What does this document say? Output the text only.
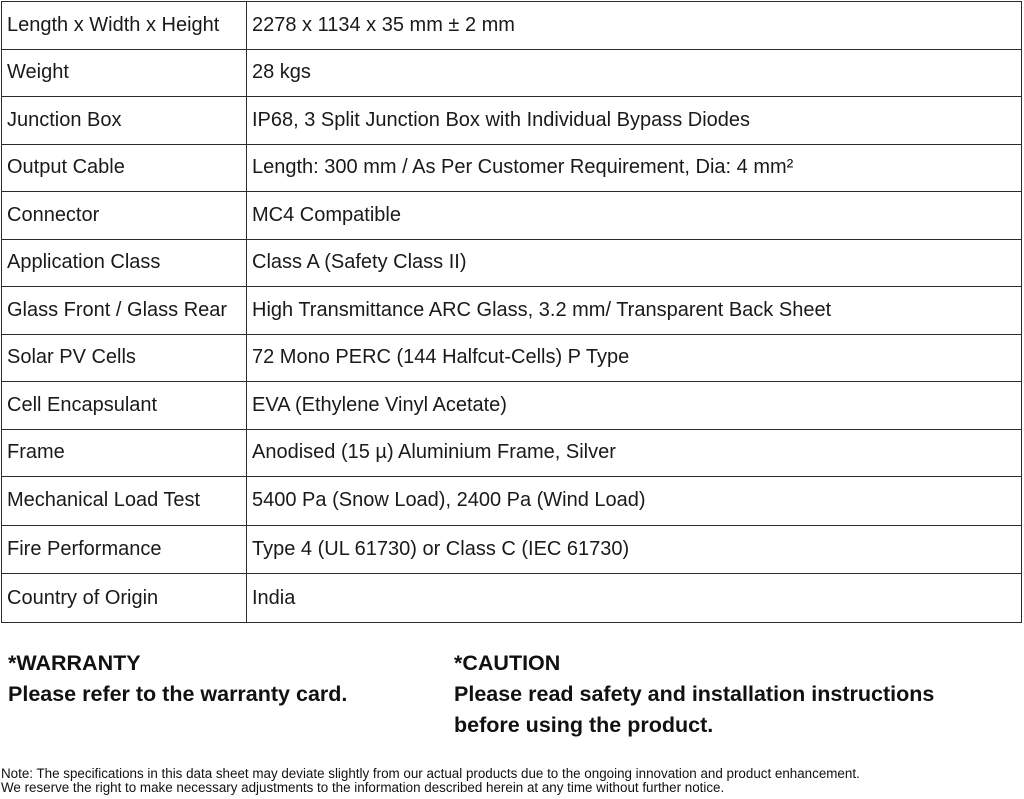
Length x Width x Height	2278 x 1134 x 35 mm ± 2 mm
Weight	28 kgs
Junction Box	IP68, 3 Split Junction Box with Individual Bypass Diodes
Output Cable	Length: 300 mm / As Per Customer Requirement, Dia: 4 mm²
Connector	MC4 Compatible
Application Class	Class A (Safety Class II)
Glass Front / Glass Rear	High Transmittance ARC Glass, 3.2 mm/ Transparent Back Sheet
Solar PV Cells	72 Mono PERC (144 Halfcut-Cells) P Type
Cell Encapsulant	EVA (Ethylene Vinyl Acetate)
Frame	Anodised (15 µ) Aluminium Frame, Silver
Mechanical Load Test	5400 Pa (Snow Load), 2400 Pa (Wind Load)
Fire Performance	Type 4 (UL 61730) or Class C (IEC 61730)
Country of Origin	India
*WARRANTY
Please refer to the warranty card.
*CAUTION
Please read safety and installation instructions
before using the product.
Note: The specifications in this data sheet may deviate slightly from our actual products due to the ongoing innovation and product enhancement.
We reserve the right to make necessary adjustments to the information described herein at any time without further notice.
